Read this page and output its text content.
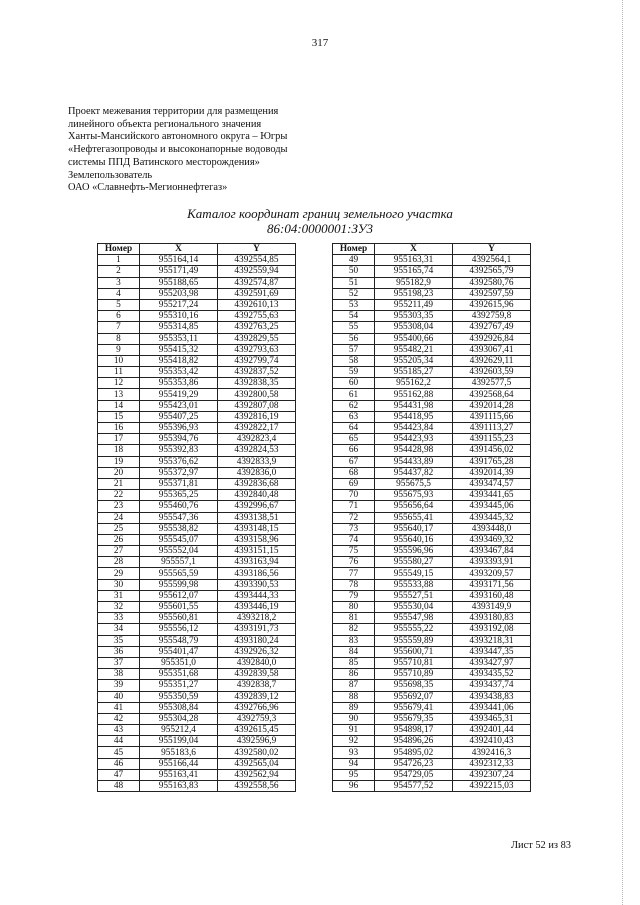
317
Проект межевания территории для размещения
линейного объекта регионального значения
Ханты-Мансийского автономного округа – Югры
«Нефтегазопроводы и высоконапорные водоводы
системы ППД Ватинского месторождения»
Землепользователь
ОАО «Славнефть-Мегионнефтегаз»
Каталог координат границ земельного участка
86:04:0000001:ЗУ3
Номер	X	Y
1	955164,14	4392554,85
2	955171,49	4392559,94
3	955188,65	4392574,87
4	955203,98	4392591,69
5	955217,24	4392610,13
6	955310,16	4392755,63
7	955314,85	4392763,25
8	955353,11	4392829,55
9	955415,32	4392793,63
10	955418,82	4392799,74
11	955353,42	4392837,52
12	955353,86	4392838,35
13	955419,29	4392800,58
14	955423,01	4392807,08
15	955407,25	4392816,19
16	955396,93	4392822,17
17	955394,76	4392823,4
18	955392,83	4392824,53
19	955376,62	4392833,9
20	955372,97	4392836,0
21	955371,81	4392836,68
22	955365,25	4392840,48
23	955460,76	4392996,67
24	955547,36	4393138,51
25	955538,82	4393148,15
26	955545,07	4393158,96
27	955552,04	4393151,15
28	955557,1	4393163,94
29	955565,59	4393186,56
30	955599,98	4393390,53
31	955612,07	4393444,33
32	955601,55	4393446,19
33	955560,81	4393218,2
34	955556,12	4393191,73
35	955548,79	4393180,24
36	955401,47	4392926,32
37	955351,0	4392840,0
38	955351,68	4392839,58
39	955351,27	4392838,7
40	955350,59	4392839,12
41	955308,84	4392766,96
42	955304,28	4392759,3
43	955212,4	4392615,45
44	955199,04	4392596,9
45	955183,6	4392580,02
46	955166,44	4392565,04
47	955163,41	4392562,94
48	955163,83	4392558,56
Номер	X	Y
49	955163,31	4392564,1
50	955165,74	4392565,79
51	955182,9	4392580,76
52	955198,23	4392597,59
53	955211,49	4392615,96
54	955303,35	4392759,8
55	955308,04	4392767,49
56	955400,66	4392926,84
57	955482,21	4393067,41
58	955205,34	4392629,11
59	955185,27	4392603,59
60	955162,2	4392577,5
61	955162,88	4392568,64
62	954431,98	4392014,28
63	954418,95	4391115,66
64	954423,84	4391113,27
65	954423,93	4391155,23
66	954428,98	4391456,02
67	954433,89	4391765,28
68	954437,82	4392014,39
69	955675,5	4393474,57
70	955675,93	4393441,65
71	955656,64	4393445,06
72	955655,41	4393445,32
73	955640,17	4393448,0
74	955640,16	4393469,32
75	955596,96	4393467,84
76	955580,27	4393393,91
77	955549,15	4393209,57
78	955533,88	4393171,56
79	955527,51	4393160,48
80	955530,04	4393149,9
81	955547,98	4393180,83
82	955555,22	4393192,08
83	955559,89	4393218,31
84	955600,71	4393447,35
85	955710,81	4393427,97
86	955710,89	4393435,52
87	955698,35	4393437,74
88	955692,07	4393438,83
89	955679,41	4393441,06
90	955679,35	4393465,31
91	954898,17	4392401,44
92	954896,26	4392410,43
93	954895,02	4392416,3
94	954726,23	4392312,33
95	954729,05	4392307,24
96	954577,52	4392215,03
Лист 52 из 83
